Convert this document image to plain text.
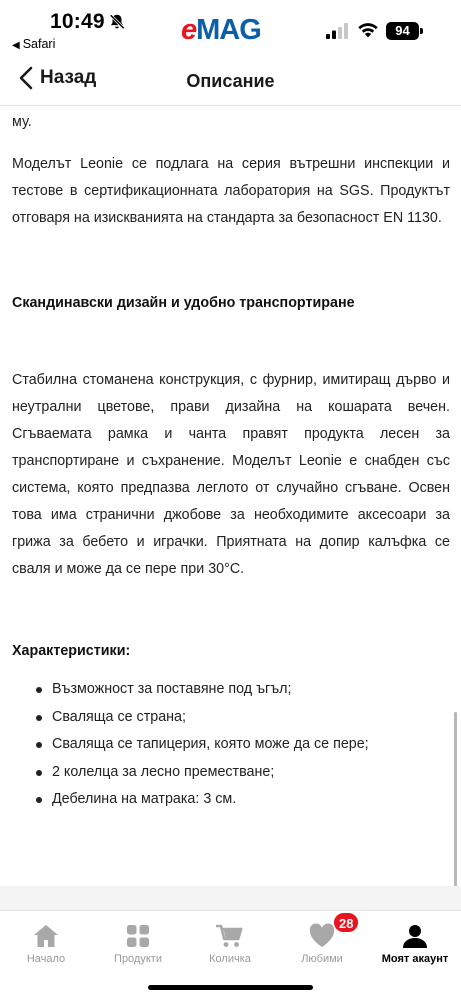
10:49
◀ Safari	eMAG	94
Назад	Описание

му.

Моделът Leonie се подлага на серия вътрешни инспекции и тестове в сертификационната лаборатория на SGS. Продуктът отговаря на изискванията на стандарта за безопасност EN 1130.

Скандинавски дизайн и удобно транспортиране

Стабилна стоманена конструкция, с фурнир, имитиращ дърво и неутрални цветове, прави дизайна на кошарата вечен. Сгъваемата рамка и чанта правят продукта лесен за транспортиране и съхранение. Моделът Leonie е снабден със система, която предпазва леглото от случайно сгъване. Освен това има странични джобове за необходимите аксесоари за грижа за бебето и играчки. Приятната на допир калъфка се сваля и може да се пере при 30°C.

Характеристики:

Възможност за поставяне под ъгъл;
Сваляща се страна;
Сваляща се тапицерия, която може да се пере;
2 колелца за лесно преместване;
Дебелина на матрака: 3 см.
Начало	Продукти	Количка	Любими	Моят акаунт
28
